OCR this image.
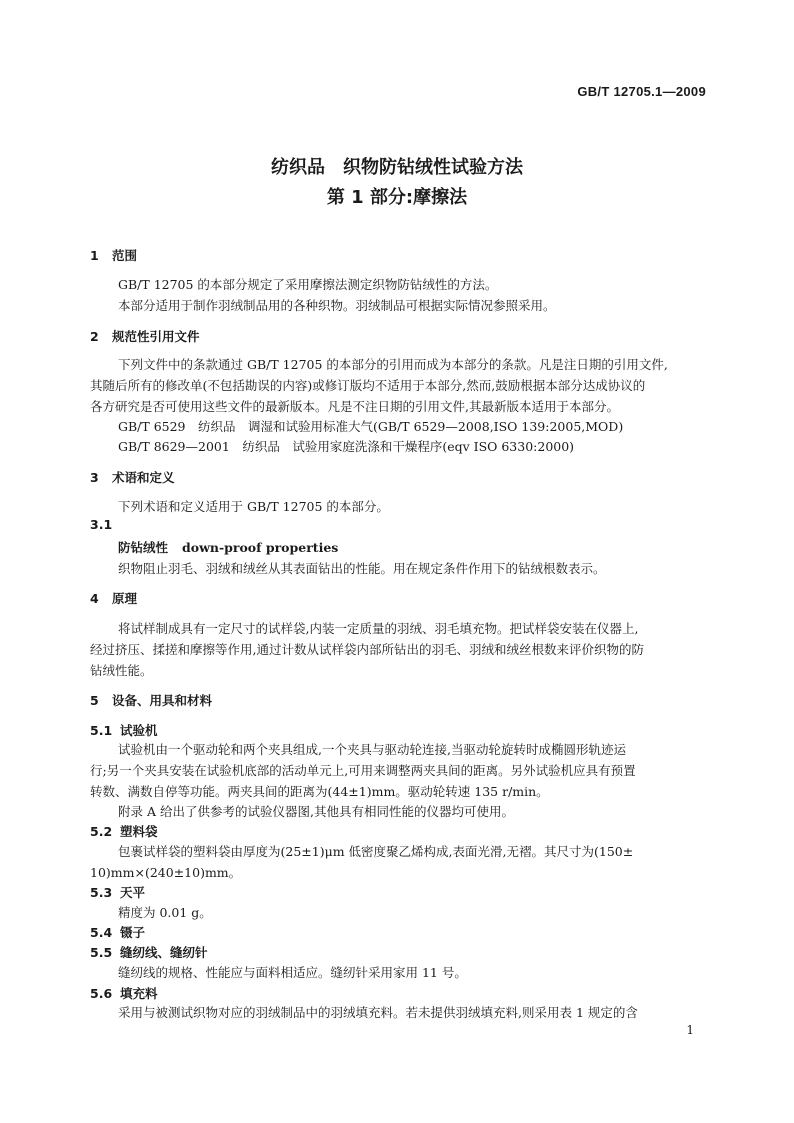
GB/T 12705.1—2009
纺织品　织物防钻绒性试验方法
第 1 部分:摩擦法
1 范围
GB/T 12705 的本部分规定了采用摩擦法测定织物防钻绒性的方法。
本部分适用于制作羽绒制品用的各种织物。羽绒制品可根据实际情况参照采用。
2 规范性引用文件
下列文件中的条款通过 GB/T 12705 的本部分的引用而成为本部分的条款。凡是注日期的引用文件,
其随后所有的修改单(不包括勘误的内容)或修订版均不适用于本部分,然而,鼓励根据本部分达成协议的
各方研究是否可使用这些文件的最新版本。凡是不注日期的引用文件,其最新版本适用于本部分。
GB/T 6529　纺织品　调湿和试验用标准大气(GB/T 6529—2008,ISO 139:2005,MOD)
GB/T 8629—2001　纺织品　试验用家庭洗涤和干燥程序(eqv ISO 6330:2000)
3 术语和定义
下列术语和定义适用于 GB/T 12705 的本部分。
3.1
防钻绒性 down-proof properties
织物阻止羽毛、羽绒和绒丝从其表面钻出的性能。用在规定条件作用下的钻绒根数表示。
4 原理
将试样制成具有一定尺寸的试样袋,内装一定质量的羽绒、羽毛填充物。把试样袋安装在仪器上,
经过挤压、揉搓和摩擦等作用,通过计数从试样袋内部所钻出的羽毛、羽绒和绒丝根数来评价织物的防
钻绒性能。
5 设备、用具和材料
5.1 试验机
试验机由一个驱动轮和两个夹具组成,一个夹具与驱动轮连接,当驱动轮旋转时成椭圆形轨迹运
行;另一个夹具安装在试验机底部的活动单元上,可用来调整两夹具间的距离。另外试验机应具有预置
转数、满数自停等功能。两夹具间的距离为(44±1)mm。驱动轮转速 135 r/min。
附录 A 给出了供参考的试验仪器图,其他具有相同性能的仪器均可使用。
5.2 塑料袋
包裹试样袋的塑料袋由厚度为(25±1)μm 低密度聚乙烯构成,表面光滑,无褶。其尺寸为(150±
10)mm×(240±10)mm。
5.3 天平
精度为 0.01 g。
5.4 镊子
5.5 缝纫线、缝纫针
缝纫线的规格、性能应与面料相适应。缝纫针采用家用 11 号。
5.6 填充料
采用与被测试织物对应的羽绒制品中的羽绒填充料。若未提供羽绒填充料,则采用表 1 规定的含
1
